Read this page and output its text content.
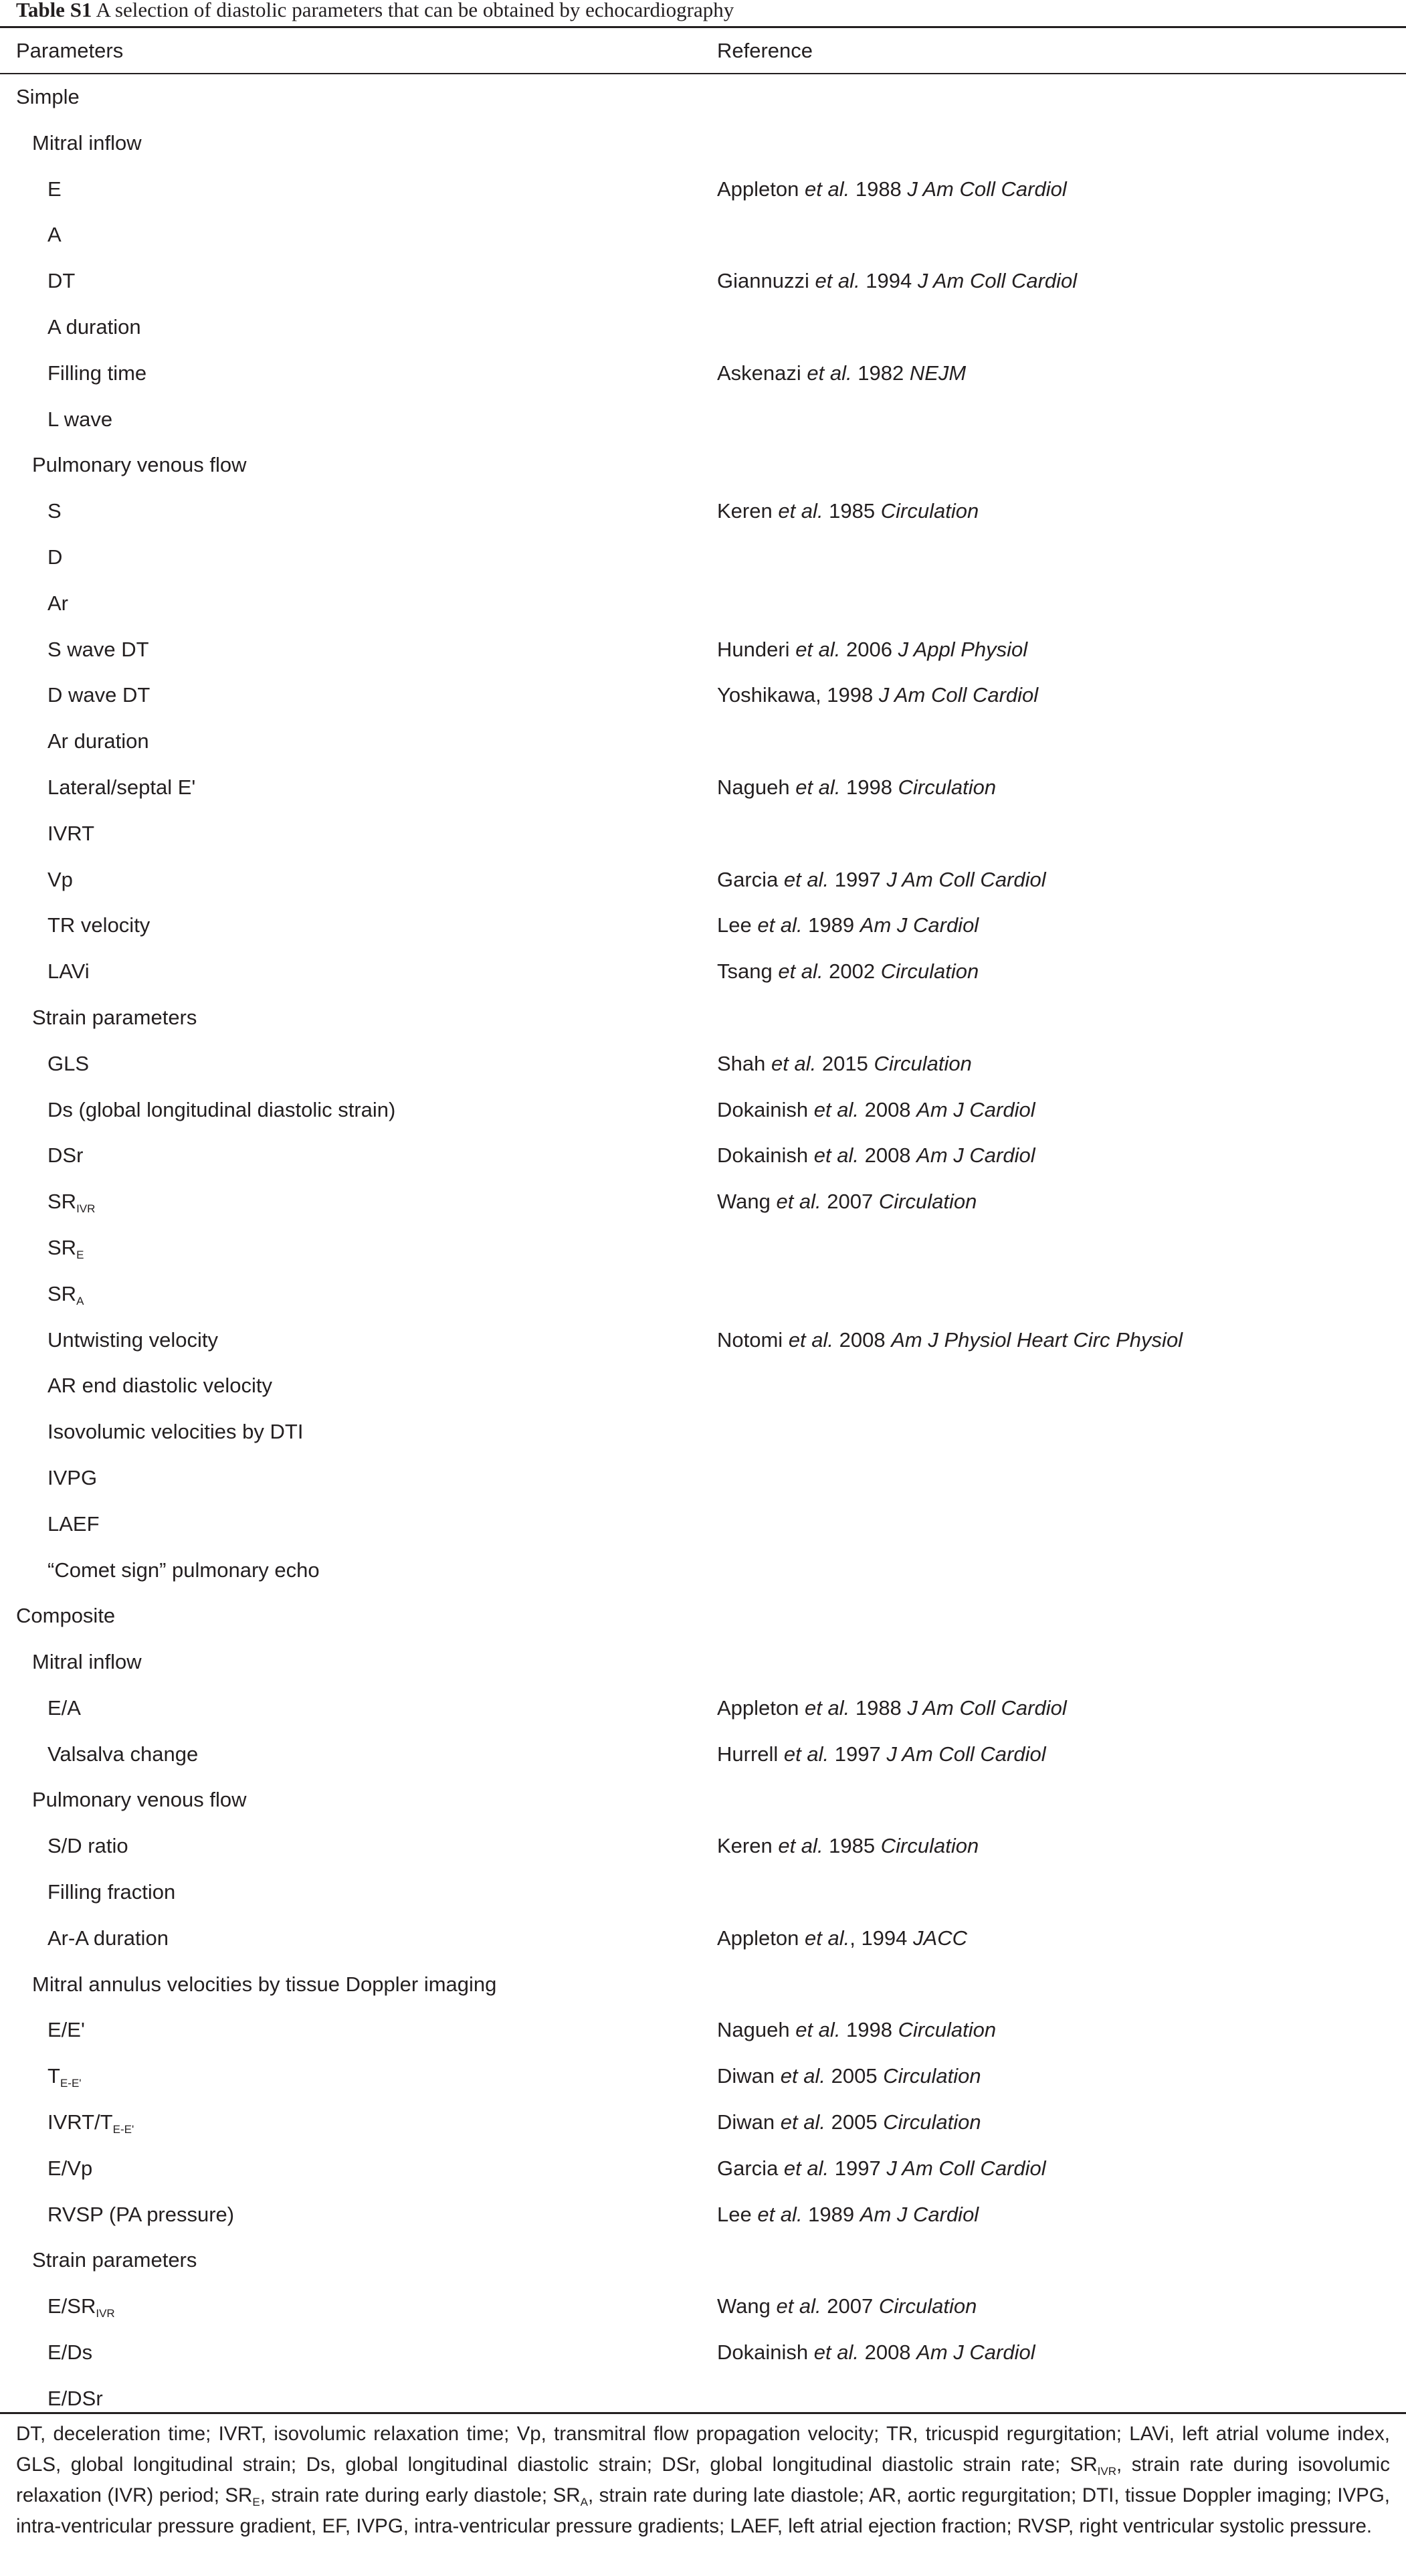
Table S1 A selection of diastolic parameters that can be obtained by echocardiography
Parameters	Reference
Simple
Mitral inflow
E	Appleton et al. 1988 J Am Coll Cardiol
A
DT	Giannuzzi et al. 1994 J Am Coll Cardiol
A duration
Filling time	Askenazi et al. 1982 NEJM
L wave
Pulmonary venous flow
S	Keren et al. 1985 Circulation
D
Ar
S wave DT	Hunderi et al. 2006 J Appl Physiol
D wave DT	Yoshikawa, 1998 J Am Coll Cardiol
Ar duration
Lateral/septal E'	Nagueh et al. 1998 Circulation
IVRT
Vp	Garcia et al. 1997 J Am Coll Cardiol
TR velocity	Lee et al. 1989 Am J Cardiol
LAVi	Tsang et al. 2002 Circulation
Strain parameters
GLS	Shah et al. 2015 Circulation
Ds (global longitudinal diastolic strain)	Dokainish et al. 2008 Am J Cardiol
DSr	Dokainish et al. 2008 Am J Cardiol
$SR_{IVR}$	Wang et al. 2007 Circulation
$SR_E$
$SR_A$
Untwisting velocity	Notomi et al. 2008 Am J Physiol Heart Circ Physiol
AR end diastolic velocity
Isovolumic velocities by DTI
IVPG
LAEF
“Comet sign” pulmonary echo
Composite
Mitral inflow
E/A	Appleton et al. 1988 J Am Coll Cardiol
Valsalva change	Hurrell et al. 1997 J Am Coll Cardiol
Pulmonary venous flow
S/D ratio	Keren et al. 1985 Circulation
Filling fraction
Ar-A duration	Appleton et al., 1994 JACC
Mitral annulus velocities by tissue Doppler imaging
E/E'	Nagueh et al. 1998 Circulation
$T_{E-E'}$	Diwan et al. 2005 Circulation
IVRT/$T_{E-E'}$	Diwan et al. 2005 Circulation
E/Vp	Garcia et al. 1997 J Am Coll Cardiol
RVSP (PA pressure)	Lee et al. 1989 Am J Cardiol
Strain parameters
$E/SR_{IVR}$	Wang et al. 2007 Circulation
E/Ds	Dokainish et al. 2008 Am J Cardiol
E/DSr
DT, deceleration time; IVRT, isovolumic relaxation time; Vp, transmitral flow propagation velocity; TR, tricuspid regurgitation; LAVi, left atrial volume index, GLS, global longitudinal strain; Ds, global longitudinal diastolic strain; DSr, global longitudinal diastolic strain rate; $SR_{IVR}$, strain rate during isovolumic relaxation (IVR) period; $SR_E$, strain rate during early diastole; $SR_A$, strain rate during late diastole; AR, aortic regurgitation; DTI, tissue Doppler imaging; IVPG, intra-ventricular pressure gradient, EF, IVPG, intra-ventricular pressure gradients; LAEF, left atrial ejection fraction; RVSP, right ventricular systolic pressure.
